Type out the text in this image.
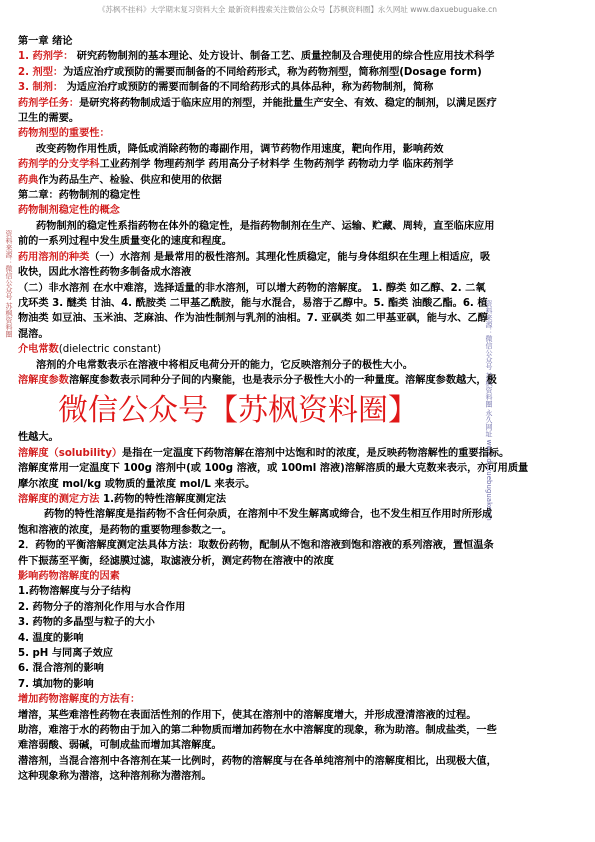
《苏枫不挂科》大学期末复习资料大全 最新资料搜索关注微信公众号【苏枫资料圈】永久网址 www.daxuebuguake.cn
资料来源：微信公众号 苏枫资料圈
资料来源：微信公众号 苏枫资料圈 永久网址 www.daxuebuguake.cn

第一章 绪论

1. 药剂学： 研究药物制剂的基本理论、处方设计、制备工艺、质量控制及合理使用的综合性应用技术科学

2. 剂型：为适应治疗或预防的需要而制备的不同给药形式，称为药物剂型，简称剂型(Dosage form)

3. 制剂： 为适应治疗或预防的需要而制备的不同给药形式的具体品种，称为药物制剂，简称

药剂学任务：是研究将药物制成适于临床应用的剂型，并能批量生产安全、有效、稳定的制剂，以满足医疗

卫生的需要。

药物剂型的重要性：

改变药物作用性质，降低或消除药物的毒副作用，调节药物作用速度，靶向作用，影响药效

药剂学的分支学科工业药剂学 物理药剂学 药用高分子材料学 生物药剂学 药物动力学 临床药剂学

药典作为药品生产、检验、供应和使用的依据

第二章：药物制剂的稳定性

药物制剂稳定性的概念

药物制剂的稳定性系指药物在体外的稳定性，是指药物制剂在生产、运输、贮藏、周转，直至临床应用

前的一系列过程中发生质量变化的速度和程度。

药用溶剂的种类（一）水溶剂 是最常用的极性溶剂。其理化性质稳定，能与身体组织在生理上相适应，吸

收快，因此水溶性药物多制备成水溶液

（二）非水溶剂 在水中难溶，选择适量的非水溶剂，可以增大药物的溶解度。 1. 醇类 如乙醇、2. 二氧

戊环类 3. 醚类 甘油、4. 酰胺类 二甲基乙酰胺，能与水混合，易溶于乙醇中。5. 酯类 油酸乙酯。6. 植

物油类 如豆油、玉米油、芝麻油、作为油性制剂与乳剂的油相。7. 亚砜类 如二甲基亚砜，能与水、乙醇

混溶。

介电常数(dielectric constant)

溶剂的介电常数表示在溶液中将相反电荷分开的能力，它反映溶剂分子的极性大小。

溶解度参数溶解度参数表示同种分子间的内聚能，也是表示分子极性大小的一种量度。溶解度参数越大，极

性越大。

溶解度（solubility）是指在一定温度下药物溶解在溶剂中达饱和时的浓度，是反映药物溶解性的重要指标。

溶解度常用一定温度下 100g 溶剂中(或 100g 溶液，或 100ml 溶液)溶解溶质的最大克数来表示，亦可用质量

摩尔浓度 mol/kg 或物质的量浓度 mol/L 来表示。

溶解度的测定方法 1.药物的特性溶解度测定法

药物的特性溶解度是指药物不含任何杂质，在溶剂中不发生解离或缔合，也不发生相互作用时所形成

饱和溶液的浓度，是药物的重要物理参数之一。

2．药物的平衡溶解度测定法具体方法：取数份药物，配制从不饱和溶液到饱和溶液的系列溶液，置恒温条

件下振荡至平衡，经滤膜过滤，取滤液分析，测定药物在溶液中的浓度

影响药物溶解度的因素

1.药物溶解度与分子结构

2. 药物分子的溶剂化作用与水合作用

3. 药物的多晶型与粒子的大小

4. 温度的影响

5. pH 与同离子效应

6. 混合溶剂的影响

7. 填加物的影响

增加药物溶解度的方法有：

增溶，某些难溶性药物在表面活性剂的作用下，使其在溶剂中的溶解度增大，并形成澄清溶液的过程。

助溶，难溶于水的药物由于加入的第二种物质而增加药物在水中溶解度的现象，称为助溶。制成盐类，一些

难溶弱酸、弱碱，可制成盐而增加其溶解度。

潜溶剂，当混合溶剂中各溶剂在某一比例时，药物的溶解度与在各单纯溶剂中的溶解度相比，出现极大值，

这种现象称为潜溶，这种溶剂称为潜溶剂。

微信公众号【苏枫资料圈】
